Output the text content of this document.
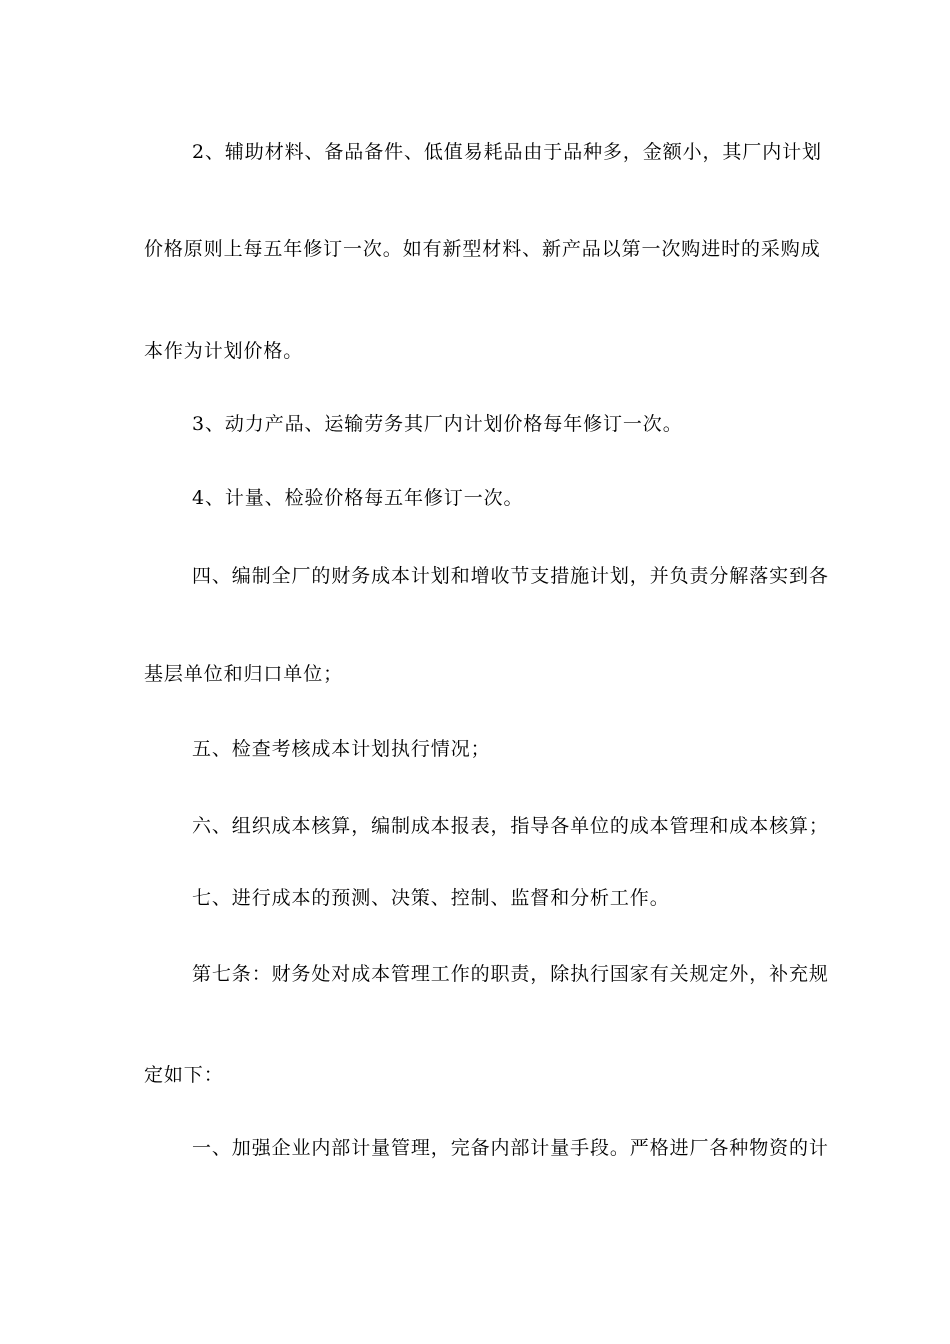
2、辅助材料、备品备件、低值易耗品由于品种多，金额小，其厂内计划
价格原则上每五年修订一次。如有新型材料、新产品以第一次购进时的采购成
本作为计划价格。
3、动力产品、运输劳务其厂内计划价格每年修订一次。
4、计量、检验价格每五年修订一次。
四、编制全厂的财务成本计划和增收节支措施计划，并负责分解落实到各
基层单位和归口单位；
五、检查考核成本计划执行情况；
六、组织成本核算，编制成本报表，指导各单位的成本管理和成本核算；
七、进行成本的预测、决策、控制、监督和分析工作。
第七条：财务处对成本管理工作的职责，除执行国家有关规定外，补充规
定如下：
一、加强企业内部计量管理，完备内部计量手段。严格进厂各种物资的计
